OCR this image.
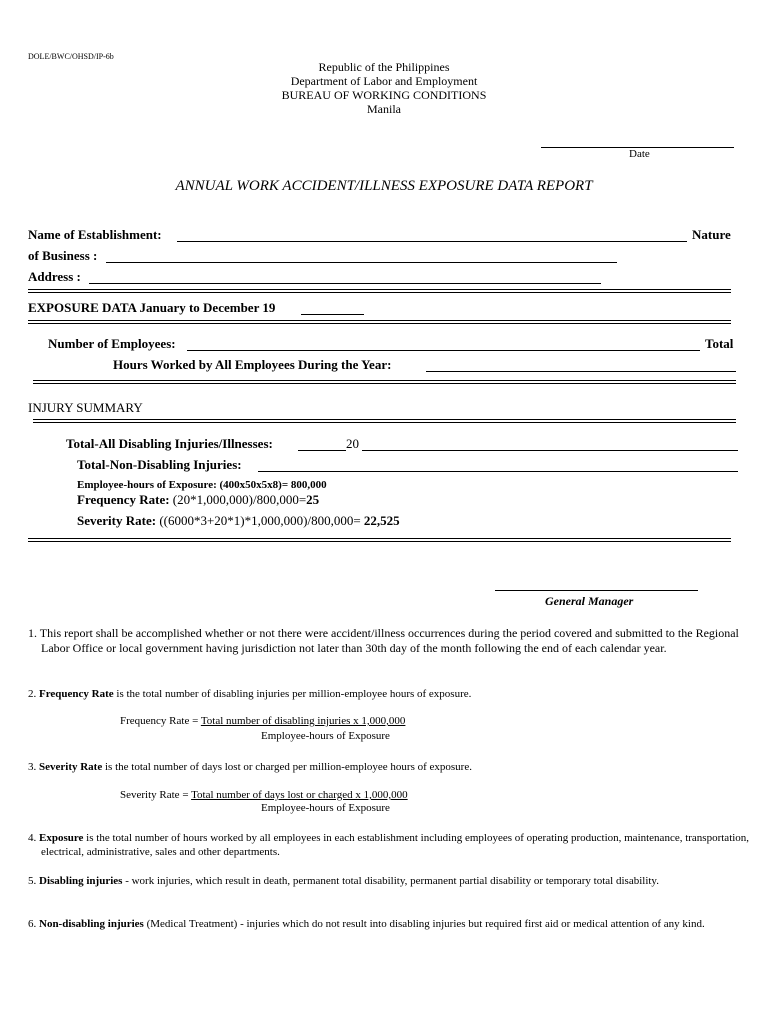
DOLE/BWC/OHSD/IP-6b
Republic of the Philippines
Department of Labor and Employment
BUREAU OF WORKING CONDITIONS
Manila
Date
ANNUAL WORK ACCIDENT/ILLNESS EXPOSURE DATA REPORT
Name of Establishment:	Nature
of Business :
Address :
EXPOSURE DATA January to December 19
Number of Employees:	Total
Hours Worked by All Employees During the Year:
INJURY SUMMARY
Total-All Disabling Injuries/Illnesses:	20
Total-Non-Disabling Injuries:
Employee-hours of Exposure: (400x50x5x8)= 800,000
Frequency Rate: (20*1,000,000)/800,000=25
Severity Rate: ((6000*3+20*1)*1,000,000)/800,000= 22,525
General Manager
1. This report shall be accomplished whether or not there were accident/illness occurrences during the period covered and submitted to the Regional Labor Office or local government having jurisdiction not later than 30th day of the month following the end of each calendar year.
2. Frequency Rate is the total number of disabling injuries per million-employee hours of exposure.
Frequency Rate = Total number of disabling injuries x 1,000,000
Employee-hours of Exposure
3. Severity Rate is the total number of days lost or charged per million-employee hours of exposure.
Severity Rate = Total number of days lost or charged x 1,000,000
Employee-hours of Exposure
4. Exposure is the total number of hours worked by all employees in each establishment including employees of operating production, maintenance, transportation, electrical, administrative, sales and other departments.
5. Disabling injuries - work injuries, which result in death, permanent total disability, permanent partial disability or temporary total disability.
6. Non-disabling injuries (Medical Treatment) - injuries which do not result into disabling injuries but required first aid or medical attention of any kind.
